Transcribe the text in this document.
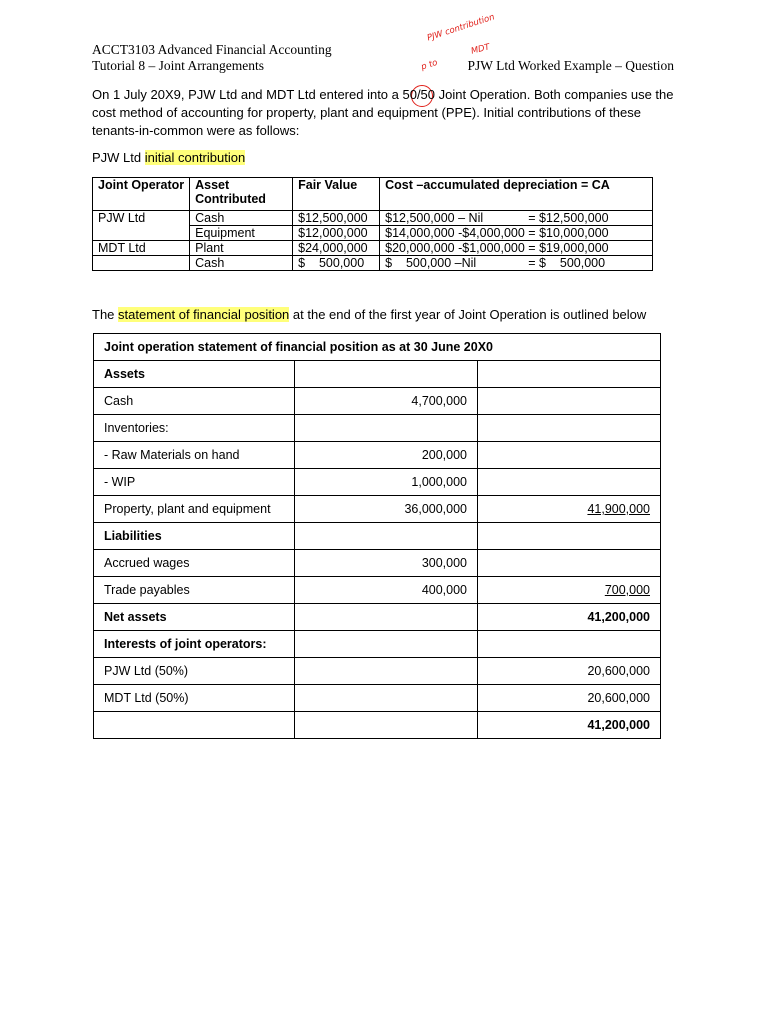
ACCT3103 Advanced Financial Accounting
Tutorial 8 – Joint Arrangements	PJW Ltd Worked Example – Question
PJW contribution
MDT
p to
On 1 July 20X9, PJW Ltd and MDT Ltd entered into a 50/50 Joint Operation. Both companies use the cost method of accounting for property, plant and equipment (PPE). Initial contributions of these tenants-in-common were as follows:
PJW Ltd initial contribution
Joint Operator	Asset Contributed	Fair Value	Cost –accumulated depreciation = CA
PJW Ltd	Cash	$12,500,000	$12,500,000 – Nil             = $12,500,000
	Equipment	$12,000,000	$14,000,000 -$4,000,000 = $10,000,000
MDT Ltd	Plant	$24,000,000	$20,000,000 -$1,000,000 = $19,000,000
	Cash	$    500,000	$    500,000 –Nil               = $    500,000
The statement of financial position at the end of the first year of Joint Operation is outlined below
Joint operation statement of financial position as at 30 June 20X0		
Assets		
Cash	4,700,000	
Inventories:		
- Raw Materials on hand	200,000	
- WIP	1,000,000	
Property, plant and equipment	36,000,000	41,900,000
Liabilities		
Accrued wages	300,000	
Trade payables	400,000	700,000
Net assets		41,200,000
Interests of joint operators:		
PJW Ltd (50%)		20,600,000
MDT Ltd (50%)		20,600,000
		41,200,000
